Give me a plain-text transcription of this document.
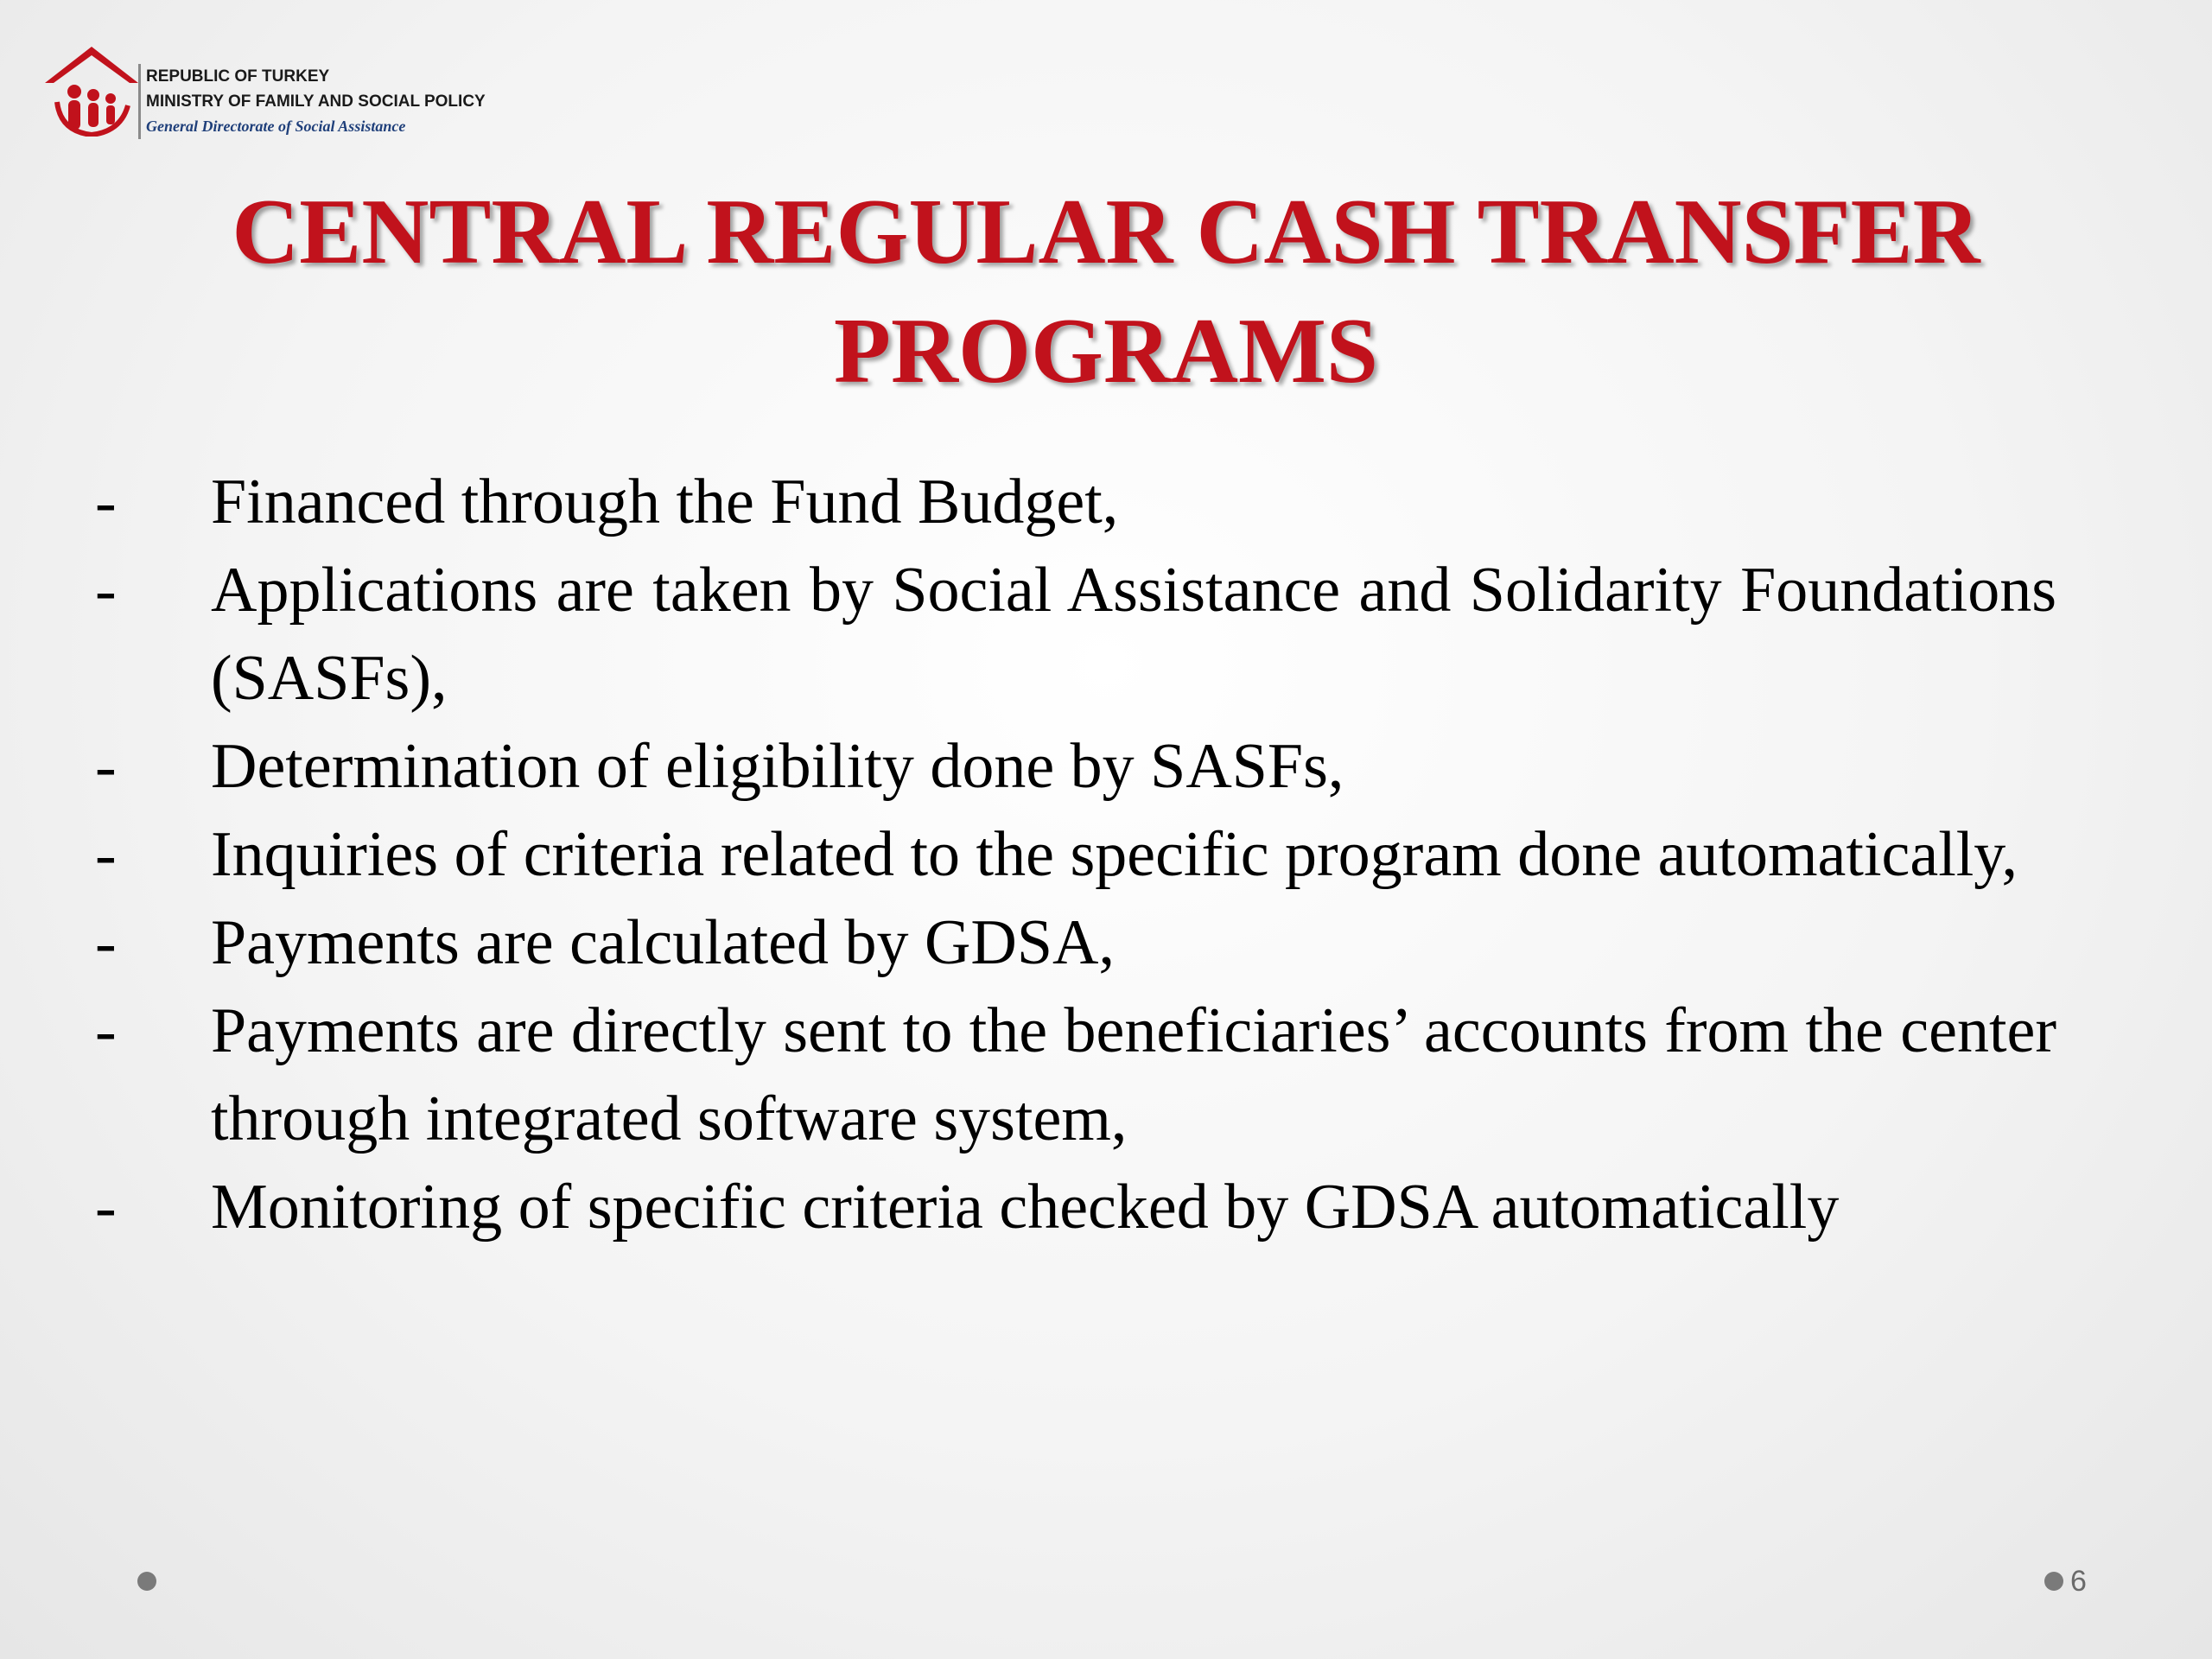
REPUBLIC OF TURKEY
MINISTRY OF FAMILY AND SOCIAL POLICY
General Directorate of Social Assistance
CENTRAL REGULAR CASH TRANSFER
PROGRAMS
- Financed through the Fund Budget,
- Applications are taken by Social Assistance and Solidarity Foundations (SASFs),
- Determination of eligibility done by SASFs,
- Inquiries of criteria related to the specific program done automatically,
- Payments are calculated by GDSA,
- Payments are directly sent to the beneficiaries’ accounts from the center through integrated software system,
- Monitoring of specific criteria checked by GDSA automatically
6
